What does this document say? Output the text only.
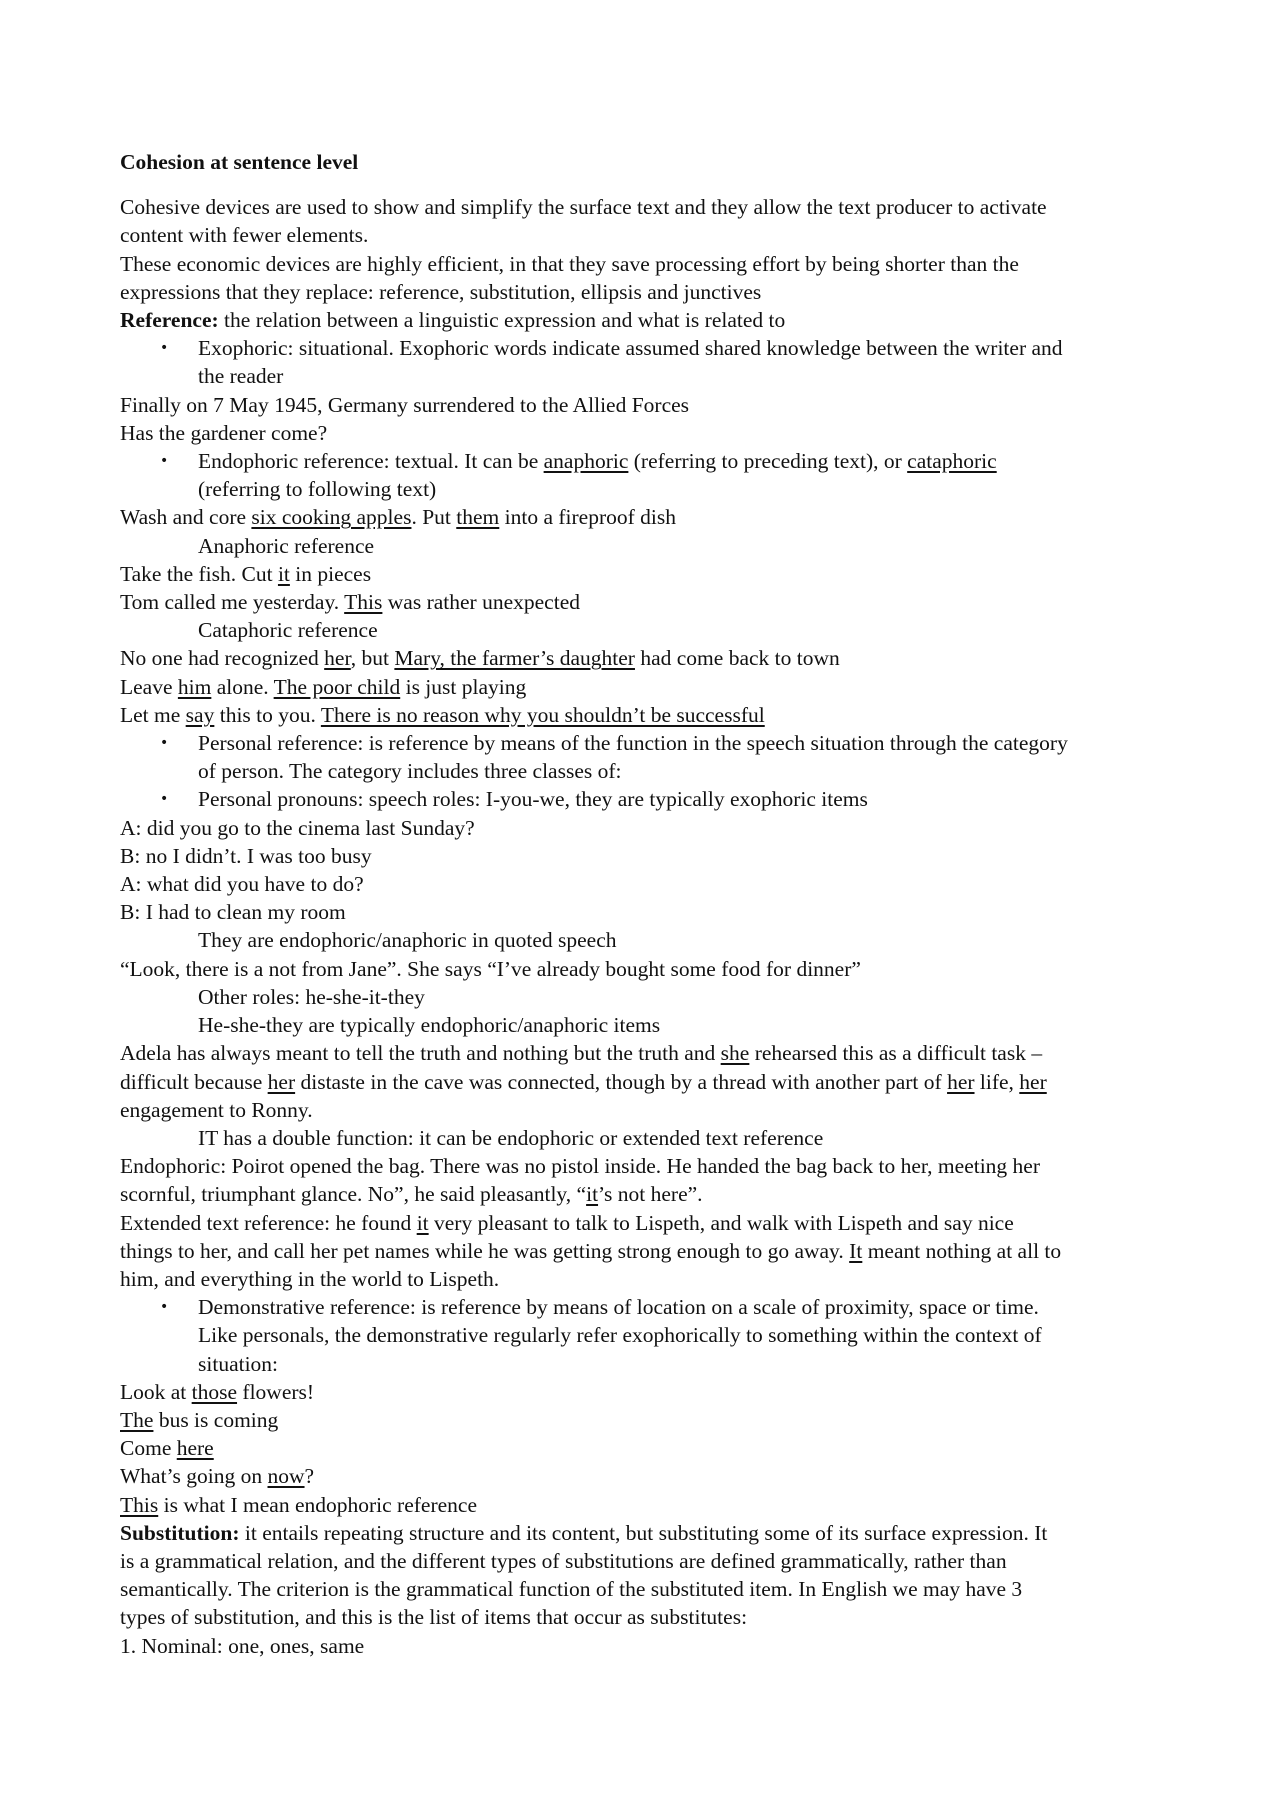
Cohesion at sentence level
Cohesive devices are used to show and simplify the surface text and they allow the text producer to activate
content with fewer elements.
These economic devices are highly efficient, in that they save processing effort by being shorter than the
expressions that they replace: reference, substitution, ellipsis and junctives
Reference: the relation between a linguistic expression and what is related to
• Exophoric: situational. Exophoric words indicate assumed shared knowledge between the writer and
the reader
Finally on 7 May 1945, Germany surrendered to the Allied Forces
Has the gardener come?
• Endophoric reference: textual. It can be anaphoric (referring to preceding text), or cataphoric
(referring to following text)
Wash and core six cooking apples. Put them into a fireproof dish
Anaphoric reference
Take the fish. Cut it in pieces
Tom called me yesterday. This was rather unexpected
Cataphoric reference
No one had recognized her, but Mary, the farmer’s daughter had come back to town
Leave him alone. The poor child is just playing
Let me say this to you. There is no reason why you shouldn’t be successful
• Personal reference: is reference by means of the function in the speech situation through the category
of person. The category includes three classes of:
• Personal pronouns: speech roles: I-you-we, they are typically exophoric items
A: did you go to the cinema last Sunday?
B: no I didn’t. I was too busy
A: what did you have to do?
B: I had to clean my room
They are endophoric/anaphoric in quoted speech
“Look, there is a not from Jane”. She says “I’ve already bought some food for dinner”
Other roles: he-she-it-they
He-she-they are typically endophoric/anaphoric items
Adela has always meant to tell the truth and nothing but the truth and she rehearsed this as a difficult task –
difficult because her distaste in the cave was connected, though by a thread with another part of her life, her
engagement to Ronny.
IT has a double function: it can be endophoric or extended text reference
Endophoric: Poirot opened the bag. There was no pistol inside. He handed the bag back to her, meeting her
scornful, triumphant glance. No”, he said pleasantly, “it’s not here”.
Extended text reference: he found it very pleasant to talk to Lispeth, and walk with Lispeth and say nice
things to her, and call her pet names while he was getting strong enough to go away. It meant nothing at all to
him, and everything in the world to Lispeth.
• Demonstrative reference: is reference by means of location on a scale of proximity, space or time.
Like personals, the demonstrative regularly refer exophorically to something within the context of
situation:
Look at those flowers!
The bus is coming
Come here
What’s going on now?
This is what I mean endophoric reference
Substitution: it entails repeating structure and its content, but substituting some of its surface expression. It
is a grammatical relation, and the different types of substitutions are defined grammatically, rather than
semantically. The criterion is the grammatical function of the substituted item. In English we may have 3
types of substitution, and this is the list of items that occur as substitutes:
1. Nominal: one, ones, same
